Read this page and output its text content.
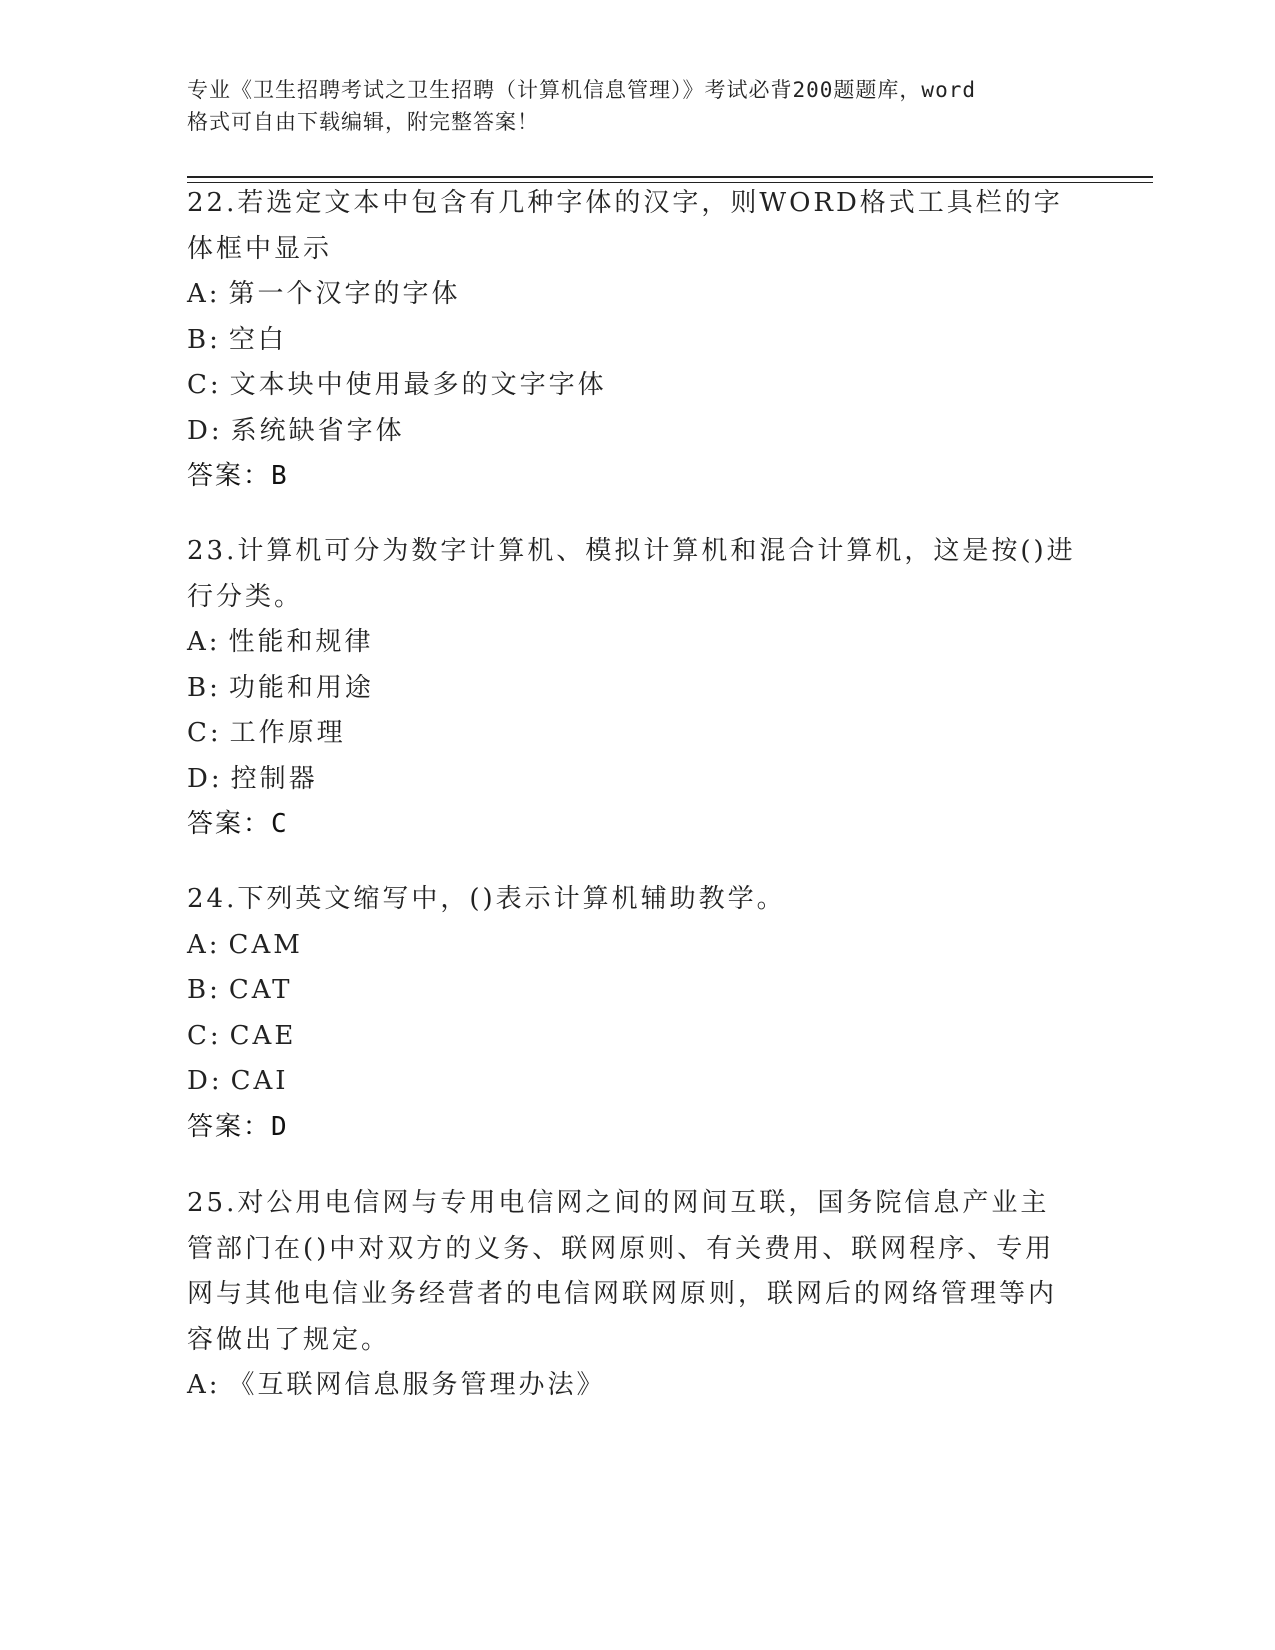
专业《卫生招聘考试之卫生招聘（计算机信息管理）》考试必背200题题库，word
格式可自由下载编辑，附完整答案！
22.若选定文本中包含有几种字体的汉字，则WORD格式工具栏的字体框中显示
A: 第一个汉字的字体
B: 空白
C: 文本块中使用最多的文字字体
D: 系统缺省字体
答案：B
23.计算机可分为数字计算机、模拟计算机和混合计算机，这是按()进行分类。
A: 性能和规律
B: 功能和用途
C: 工作原理
D: 控制器
答案：C
24.下列英文缩写中，()表示计算机辅助教学。
A: CAM
B: CAT
C: CAE
D: CAI
答案：D
25.对公用电信网与专用电信网之间的网间互联，国务院信息产业主管部门在()中对双方的义务、联网原则、有关费用、联网程序、专用网与其他电信业务经营者的电信网联网原则，联网后的网络管理等内容做出了规定。
A: 《互联网信息服务管理办法》
